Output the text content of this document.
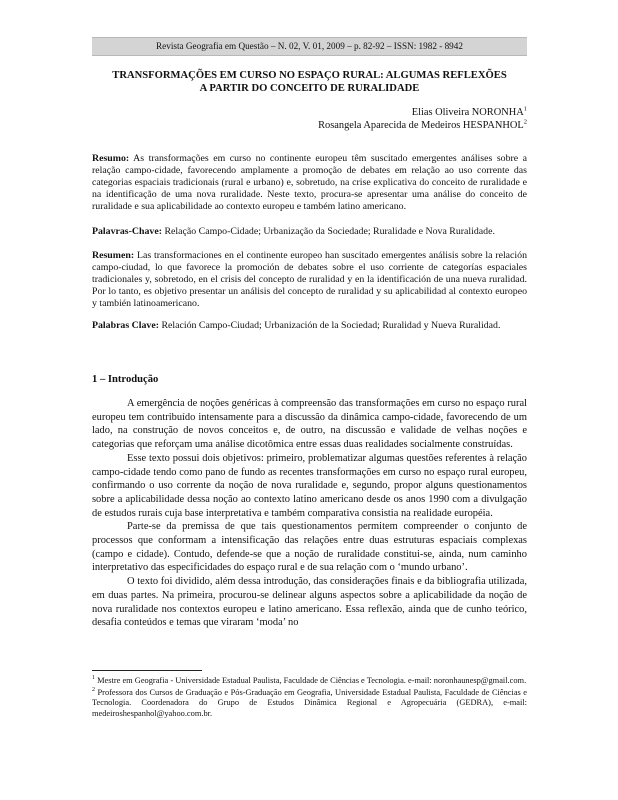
Revista Geografia em Questão – N. 02, V. 01, 2009 – p. 82-92 – ISSN: 1982 - 8942
TRANSFORMAÇÕES EM CURSO NO ESPAÇO RURAL: ALGUMAS REFLEXÕES
A PARTIR DO CONCEITO DE RURALIDADE
Elias Oliveira NORONHA$^1$
Rosangela Aparecida de Medeiros HESPANHOL$^2$
Resumo: As transformações em curso no continente europeu têm suscitado emergentes análises sobre a relação campo-cidade, favorecendo amplamente a promoção de debates em relação ao uso corrente das categorias espaciais tradicionais (rural e urbano) e, sobretudo, na crise explicativa do conceito de ruralidade e na identificação de uma nova ruralidade. Neste texto, procura-se apresentar uma análise do conceito de ruralidade e sua aplicabilidade ao contexto europeu e também latino americano.
Palavras-Chave: Relação Campo-Cidade; Urbanização da Sociedade; Ruralidade e Nova Ruralidade.
Resumen: Las transformaciones en el continente europeo han suscitado emergentes análisis sobre la relación campo-ciudad, lo que favorece la promoción de debates sobre el uso corriente de categorías espaciales tradicionales y, sobretodo, en el crisis del concepto de ruralidad y en la identificación de una nueva ruralidad. Por lo tanto, es objetivo presentar un análisis del concepto de ruralidad y su aplicabilidad al contexto europeo y también latinoamericano.
Palabras Clave: Relación Campo-Ciudad; Urbanización de la Sociedad; Ruralidad y Nueva Ruralidad.
1 – Introdução

A emergência de noções genéricas à compreensão das transformações em curso no espaço rural europeu tem contribuído intensamente para a discussão da dinâmica campo-cidade, favorecendo de um lado, na construção de novos conceitos e, de outro, na discussão e validade de velhas noções e categorias que reforçam uma análise dicotômica entre essas duas realidades socialmente construídas.

Esse texto possui dois objetivos: primeiro, problematizar algumas questões referentes à relação campo-cidade tendo como pano de fundo as recentes transformações em curso no espaço rural europeu, confirmando o uso corrente da noção de nova ruralidade e, segundo, propor alguns questionamentos sobre a aplicabilidade dessa noção ao contexto latino americano desde os anos 1990 com a divulgação de estudos rurais cuja base interpretativa e também comparativa consistia na realidade européia.

Parte-se da premissa de que tais questionamentos permitem compreender o conjunto de processos que conformam a intensificação das relações entre duas estruturas espaciais complexas (campo e cidade). Contudo, defende-se que a noção de ruralidade constitui-se, ainda, num caminho interpretativo das especificidades do espaço rural e de sua relação com o ‘mundo urbano’.

O texto foi dividido, além dessa introdução, das considerações finais e da bibliografia utilizada, em duas partes. Na primeira, procurou-se delinear alguns aspectos sobre a aplicabilidade da noção de nova ruralidade nos contextos europeu e latino americano. Essa reflexão, ainda que de cunho teórico, desafia conteúdos e temas que viraram ‘moda’ no

$^1$ Mestre em Geografia - Universidade Estadual Paulista, Faculdade de Ciências e Tecnologia. e-mail: noronhaunesp@gmail.com.

$^2$ Professora dos Cursos de Graduação e Pós-Graduação em Geografia, Universidade Estadual Paulista, Faculdade de Ciências e Tecnologia. Coordenadora do Grupo de Estudos Dinâmica Regional e Agropecuária (GEDRA), e-mail: medeiroshespanhol@yahoo.com.br.
